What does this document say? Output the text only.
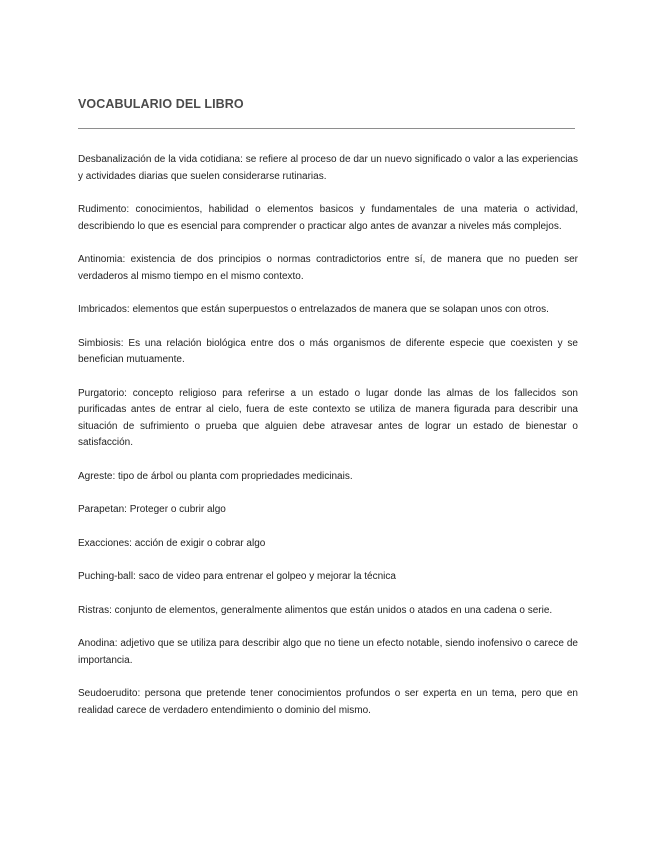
VOCABULARIO DEL LIBRO

Desbanalización de la vida cotidiana: se refiere al proceso de dar un nuevo significado o valor a las experiencias y actividades diarias que suelen considerarse rutinarias.

Rudimento: conocimientos, habilidad o elementos basicos y fundamentales de una materia o actividad, describiendo lo que es esencial para comprender o practicar algo antes de avanzar a niveles más complejos.

Antinomia: existencia de dos principios o normas contradictorios entre sí, de manera que no pueden ser verdaderos al mismo tiempo en el mismo contexto.

Imbricados: elementos que están superpuestos o entrelazados de manera que se solapan unos con otros.

Simbiosis: Es una relación biológica entre dos o más organismos de diferente especie que coexisten y se benefician mutuamente.

Purgatorio: concepto religioso para referirse a un estado o lugar donde las almas de los fallecidos son purificadas antes de entrar al cielo, fuera de este contexto se utiliza de manera figurada para describir una situación de sufrimiento o prueba que alguien debe atravesar antes de lograr un estado de bienestar o satisfacción.

Agreste: tipo de árbol ou planta com propriedades medicinais.

Parapetan: Proteger o cubrir algo

Exacciones: acción de exigir o cobrar algo

Puching-ball: saco de video para entrenar el golpeo y mejorar la técnica

Ristras: conjunto de elementos, generalmente alimentos que están unidos o atados en una cadena o serie.

Anodina: adjetivo que se utiliza para describir algo que no tiene un efecto notable, siendo inofensivo o carece de importancia.

Seudoerudito: persona que pretende tener conocimientos profundos o ser experta en un tema, pero que en realidad carece de verdadero entendimiento o dominio del mismo.
